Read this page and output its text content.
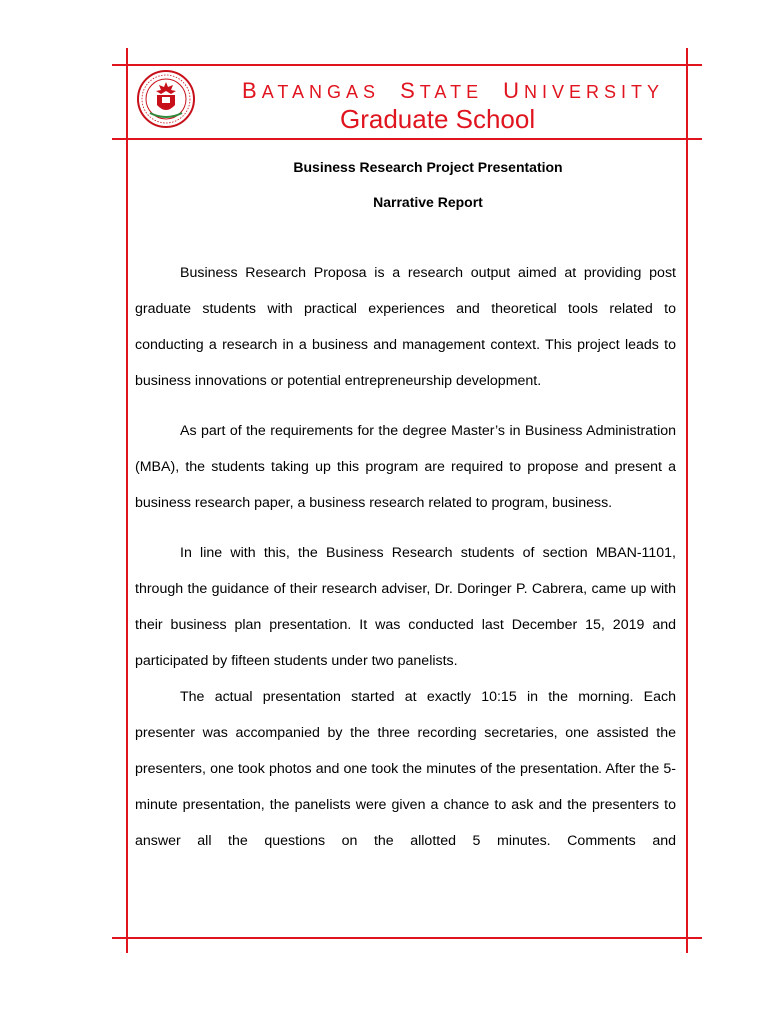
BATANGAS STATE UNIVERSITY
Graduate School
Business Research Project Presentation
Narrative Report

Business Research Proposa is a research output aimed at providing post graduate students with practical experiences and theoretical tools related to conducting a research in a business and management context. This project leads to business innovations or potential entrepreneurship development.

As part of the requirements for the degree Master’s in Business Administration (MBA), the students taking up this program are required to propose and present a business research paper, a business research related to program, business.

In line with this, the Business Research students of section MBAN-1101, through the guidance of their research adviser, Dr. Doringer P. Cabrera, came up with their business plan presentation. It was conducted last December 15, 2019 and participated by fifteen students under two panelists.

The actual presentation started at exactly 10:15 in the morning. Each presenter was accompanied by the three recording secretaries, one assisted the presenters, one took photos and one took the minutes of the presentation. After the 5-minute presentation, the panelists were given a chance to ask and the presenters to answer all the questions on the allotted 5 minutes. Comments and
